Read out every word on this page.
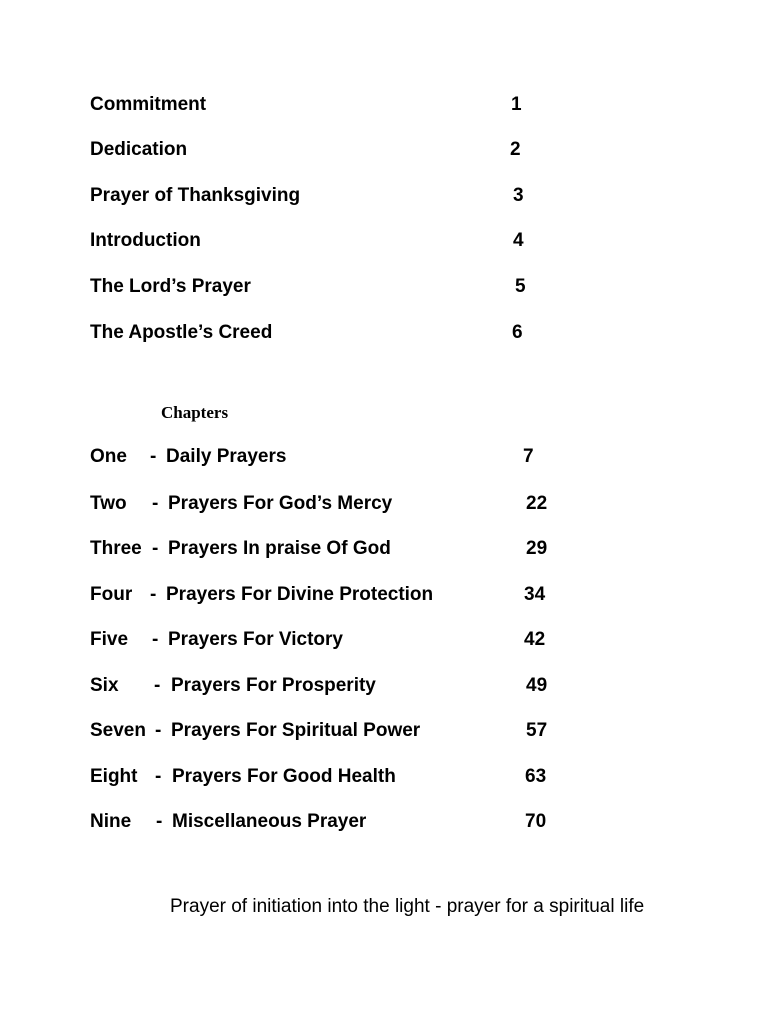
Commitment	1
Dedication	2
Prayer of Thanksgiving	3
Introduction	4
The Lord’s Prayer	5
The Apostle’s Creed	6
Chapters
One - Daily Prayers	7
Two - Prayers For God’s Mercy	22
Three - Prayers In praise Of God	29
Four - Prayers For Divine Protection	34
Five - Prayers For Victory	42
Six - Prayers For Prosperity	49
Seven - Prayers For Spiritual Power	57
Eight - Prayers For Good Health	63
Nine - Miscellaneous Prayer	70
Prayer of initiation into the light - prayer for a spiritual life
